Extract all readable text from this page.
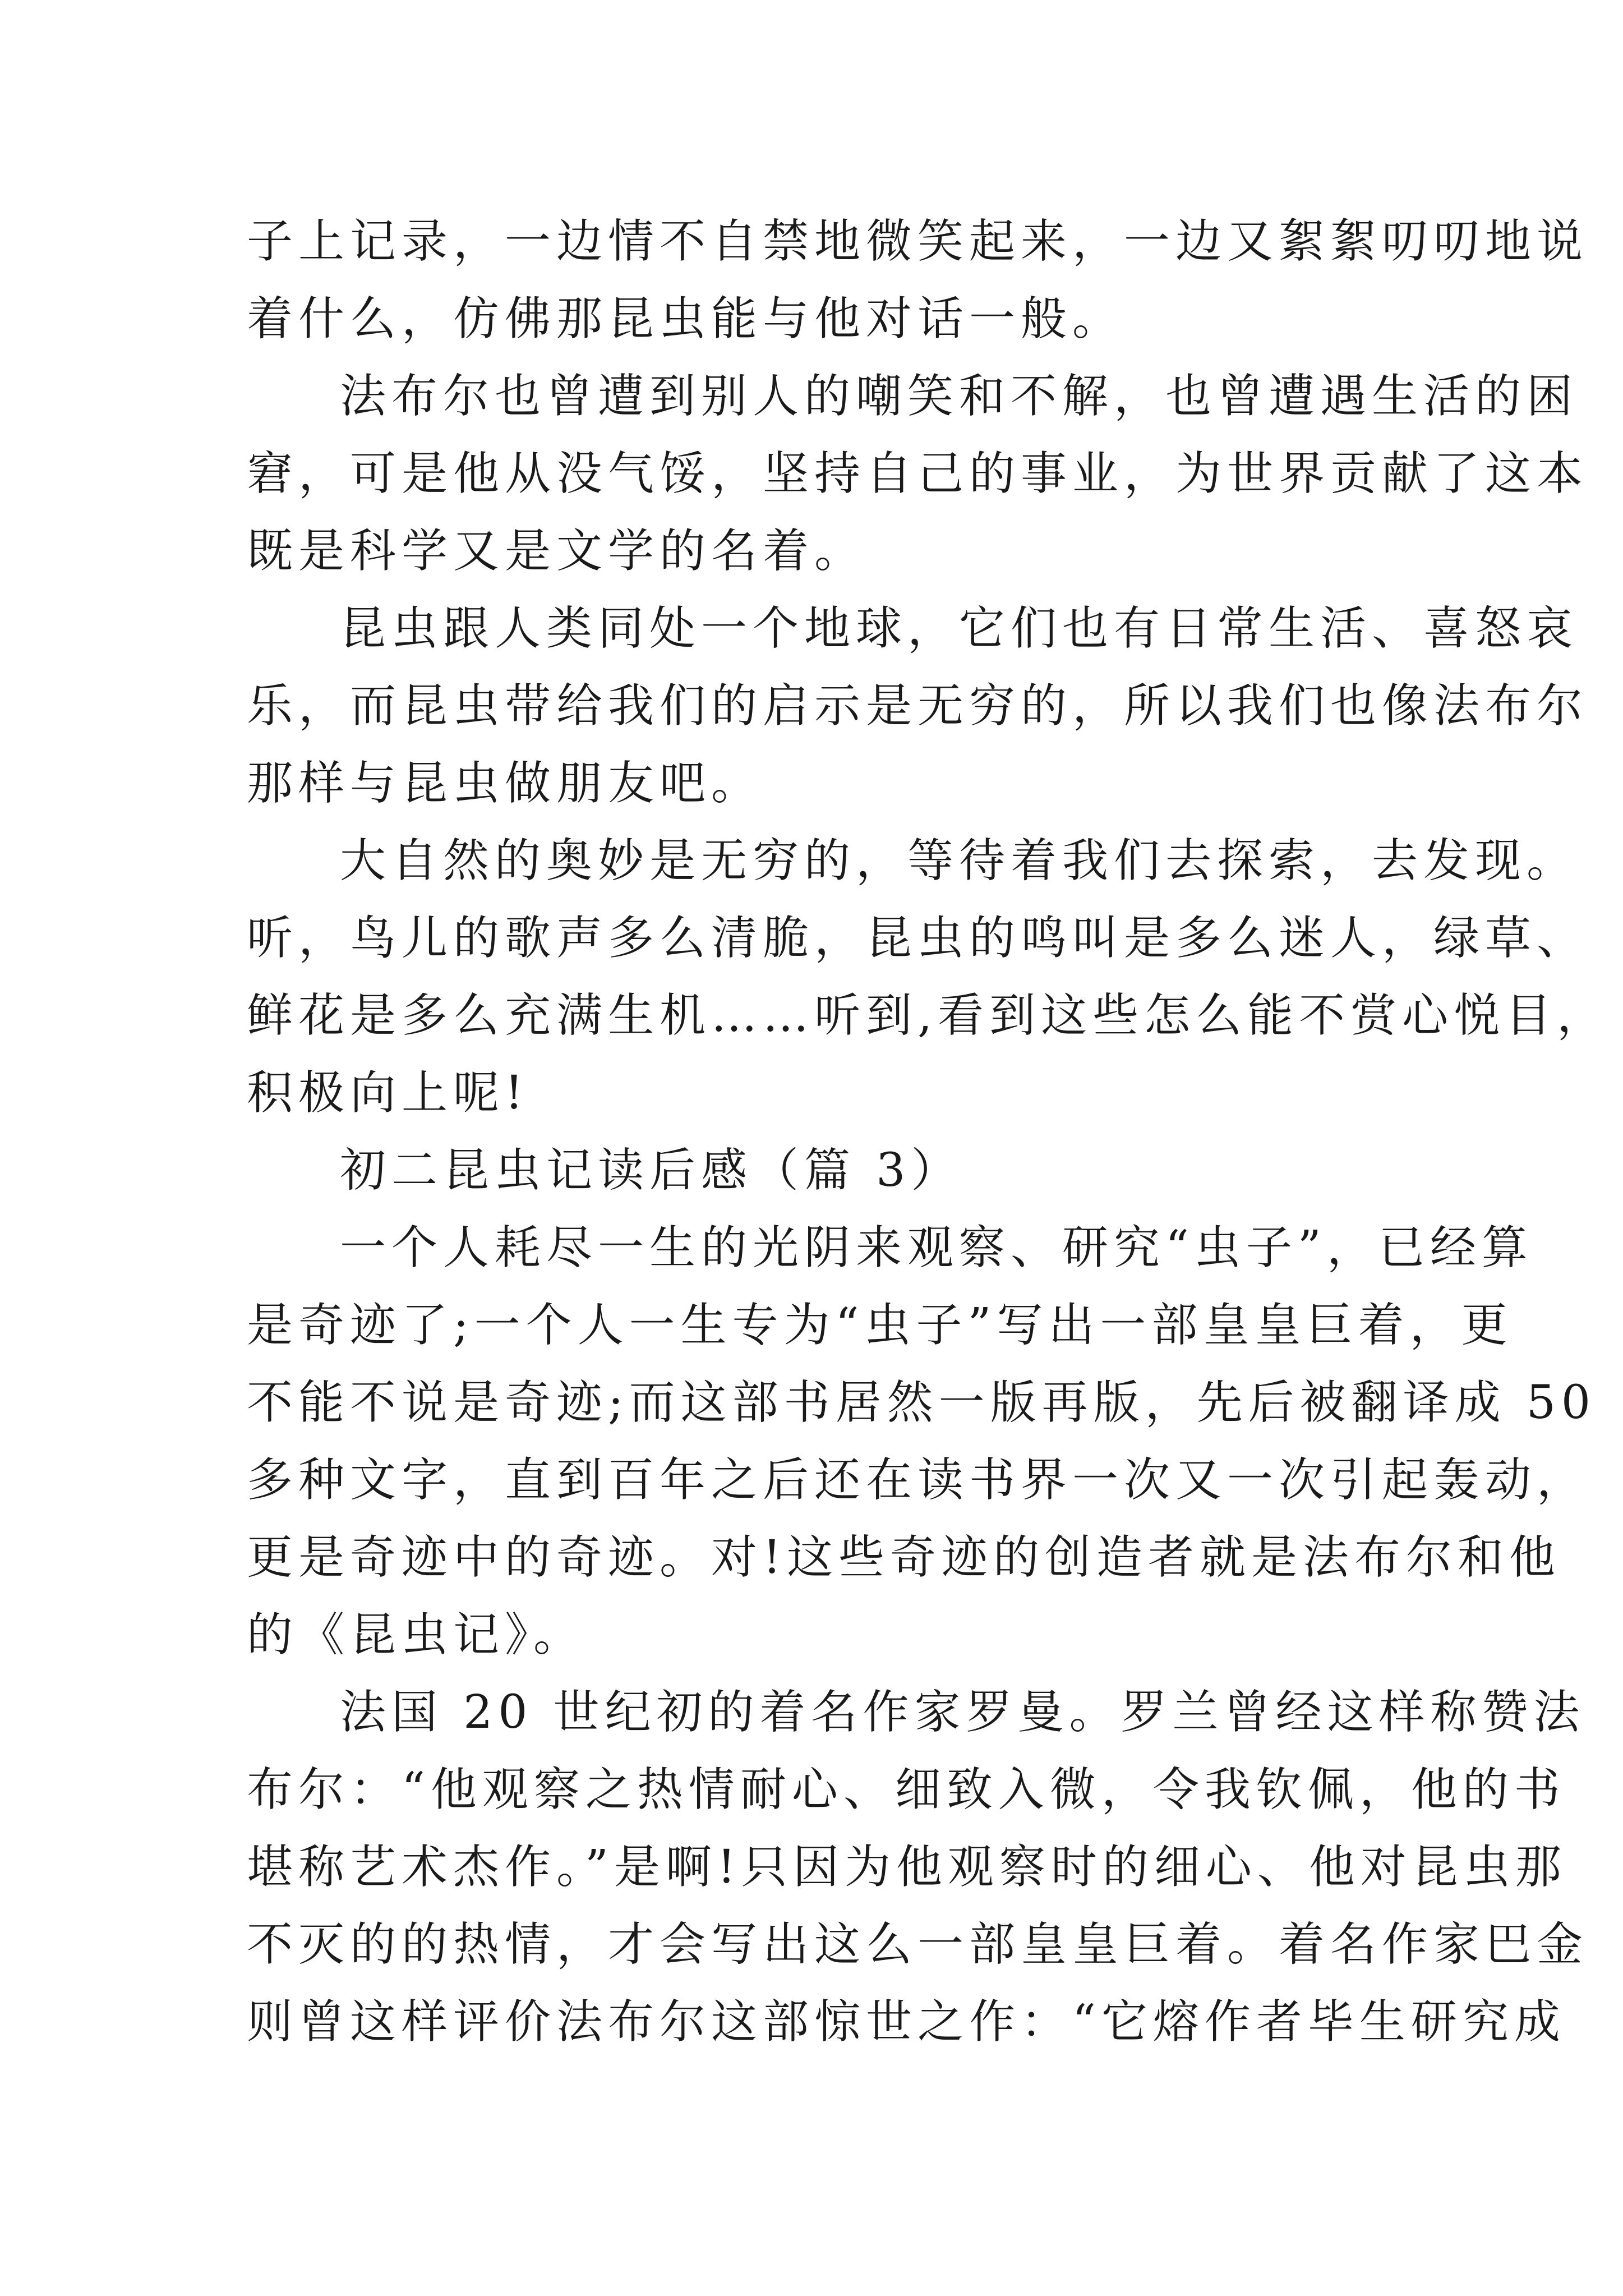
子上记录，一边情不自禁地微笑起来，一边又絮絮叨叨地说
着什么，仿佛那昆虫能与他对话一般。
法布尔也曾遭到别人的嘲笑和不解，也曾遭遇生活的困
窘，可是他从没气馁，坚持自己的事业，为世界贡献了这本
既是科学又是文学的名着。
昆虫跟人类同处一个地球，它们也有日常生活、喜怒哀
乐，而昆虫带给我们的启示是无穷的，所以我们也像法布尔
那样与昆虫做朋友吧。
大自然的奥妙是无穷的，等待着我们去探索，去发现。
听，鸟儿的歌声多么清脆，昆虫的鸣叫是多么迷人，绿草、
鲜花是多么充满生机……听到,看到这些怎么能不赏心悦目，
积极向上呢!
初二昆虫记读后感（篇 3）
一个人耗尽一生的光阴来观察、研究“虫子”，已经算
是奇迹了;一个人一生专为“虫子”写出一部皇皇巨着，更
不能不说是奇迹;而这部书居然一版再版，先后被翻译成 50
多种文字，直到百年之后还在读书界一次又一次引起轰动，
更是奇迹中的奇迹。对!这些奇迹的创造者就是法布尔和他
的《昆虫记》。
法国 20 世纪初的着名作家罗曼。罗兰曾经这样称赞法
布尔：“他观察之热情耐心、细致入微，令我钦佩，他的书
堪称艺术杰作。”是啊!只因为他观察时的细心、他对昆虫那
不灭的的热情，才会写出这么一部皇皇巨着。着名作家巴金
则曾这样评价法布尔这部惊世之作：“它熔作者毕生研究成
